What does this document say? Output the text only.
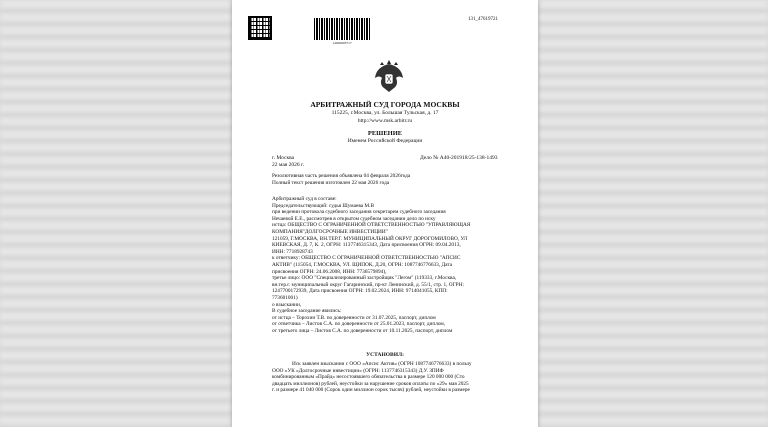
14020603717
131_47619721
АРБИТРАЖНЫЙ СУД ГОРОДА МОСКВЫ
115225, г.Москва, ул. Большая Тульская, д. 17
http://www.msk.arbitr.ru
РЕШЕНИЕ
Именем Российской Федерации
г. Москва
22 мая 2026 г.
Дело № А40-201918/25-138-1493
Резолютивная часть решения объявлена 04 февраля 2026года
Полный текст решения изготовлен 22 мая 2026 года
Арбитражный суд в составе:
Председательствующий: судья Шумаева М.В
при ведении протокола судебного заседания секретарем судебного заседания
Нечаевой Е.Е., рассмотрев в открытом судебном заседании дело по иску
истца: ОБЩЕСТВО С ОГРАНИЧЕННОЙ ОТВЕТСТВЕННОСТЬЮ "УПРАВЛЯЮЩАЯ
КОМПАНИЯ"ДОЛГОСРОЧНЫЕ ИНВЕСТИЦИИ"
121059, Г.МОСКВА, ВН.ТЕР.Г. МУНИЦИПАЛЬНЫЙ ОКРУГ ДОРОГОМИЛОВО, УЛ
КИЕВСКАЯ, Д. 7, К. 2, ОГРН: 1137746315343, Дата присвоения ОГРН: 09.04.2013,
ИНН: 7718928743
к ответчику: ОБЩЕСТВО С ОГРАНИЧЕННОЙ ОТВЕТСТВЕННОСТЬЮ "АПСИС
АКТИВ" (115054, Г.МОСКВА, УЛ. ЩИПОК, Д.20, ОГРН: 1087746776633, Дата
присвоения ОГРН: 24.06.2008, ИНН: 7736579894),
третье лицо: ООО "Специализированный застройщик "Легом" (119333, г.Москва,
вн.тер.г. муниципальный округ Гагаринский, пр-кт Ленинский, д. 55/1, стр. 1, ОГРН:
1247700172939, Дата присвоения ОГРН: 19.02.2024, ИНН: 9714041055, КПП:
773601001)
о взыскании,
В судебное заседание явились:
от истца – Торохин Т.В. по доверенности от 31.07.2025, паспорт, диплом
от ответчика – Листов С.А. по доверенности от 25.01.2023, паспорт, диплом,
от третьего лица – Листов С.А. по доверенности от 10.11.2025, паспорт, диплом
УСТАНОВИЛ:
Иск заявлен взыскании с ООО «Апсис Актив» (ОГРН 1087746776633) в пользу
ООО «УК «Долгосрочные инвестиции» (ОГРН: 1137746315343) Д.У. ЗПИФ
комбинированным «Прайд» несостоявшего обязательства в размере 120 000 000 (Сто
двадцать миллионов) рублей, неустойки за нарушение сроков оплаты по «29» мая 2025
г. и размере 41 040 000 (Сорок один миллион сорок тысяч) рублей, неустойки в размере
